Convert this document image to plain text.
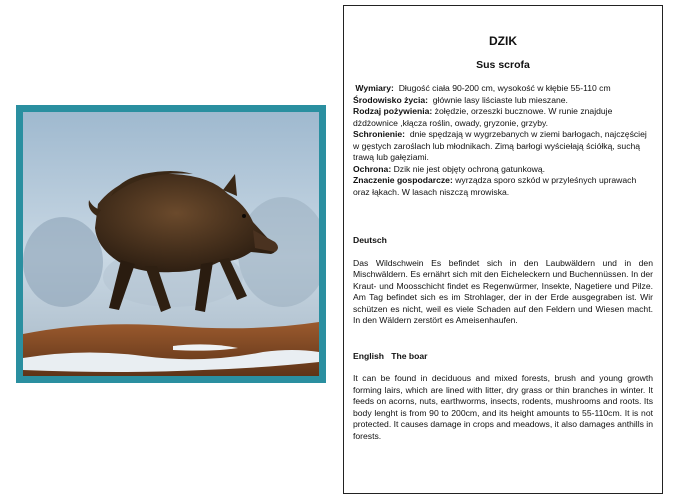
DZIK
Sus scrofa

Wymiary: Długość ciała 90-200 cm, wysokość w kłębie 55-110 cm

Środowisko życia: głównie lasy liściaste lub mieszane.

Rodzaj pożywienia: żołędzie, orzeszki bucznowe. W runie znajduje dżdżownice ,kłącza roślin, owady, gryzonie, grzyby.

Schronienie: dnie spędzają w wygrzebanych w ziemi barłogach, najczęściej w gęstych zaroślach lub młodnikach. Zimą barłogi wyściełają ściółką, suchą trawą lub gałęziami.

Ochrona: Dzik nie jest objęty ochroną gatunkową.

Znaczenie gospodarcze: wyrządza sporo szkód w przyleśnych uprawach oraz łąkach. W lasach niszczą mrowiska.

Deutsch

Das Wildschwein Es befindet sich in den Laubwäldern und in den Mischwäldern. Es ernährt sich mit den Eicheleckern und Buchennüssen. In der Kraut- und Moosschicht findet es Regenwürmer, Insekte, Nagetiere und Pilze. Am Tag befindet sich es im Strohlager, der in der Erde ausgegraben ist. Wir schützen es nicht, weil es viele Schaden auf den Feldern und Wiesen macht. In den Wäldern zerstört es Ameisenhaufen.

English   The boar

It can be found in deciduous and mixed forests, brush and young growth forming lairs, which are lined with litter, dry grass or thin branches in winter. It feeds on acorns, nuts, earthworms, insects, rodents, mushrooms and roots. Its body lenght is from 90 to 200cm, and its height amounts to 55-110cm. It is not protected. It causes damage in crops and meadows, it also damages anthills in forests.
